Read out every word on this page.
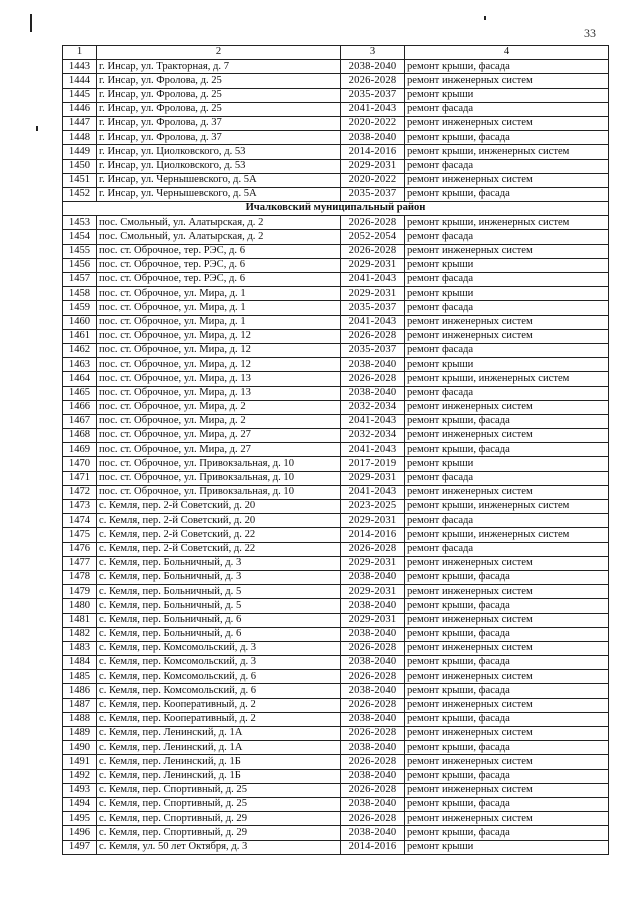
33
1	2	3	4
1443	г. Инсар, ул. Тракторная, д. 7	2038-2040	ремонт крыши, фасада
1444	г. Инсар, ул. Фролова, д. 25	2026-2028	ремонт инженерных систем
1445	г. Инсар, ул. Фролова, д. 25	2035-2037	ремонт крыши
1446	г. Инсар, ул. Фролова, д. 25	2041-2043	ремонт фасада
1447	г. Инсар, ул. Фролова, д. 37	2020-2022	ремонт инженерных систем
1448	г. Инсар, ул. Фролова, д. 37	2038-2040	ремонт крыши, фасада
1449	г. Инсар, ул. Циолковского, д. 53	2014-2016	ремонт крыши, инженерных систем
1450	г. Инсар, ул. Циолковского, д. 53	2029-2031	ремонт фасада
1451	г. Инсар, ул. Чернышевского, д. 5А	2020-2022	ремонт инженерных систем
1452	г. Инсар, ул. Чернышевского, д. 5А	2035-2037	ремонт крыши, фасада
Ичалковский муниципальный район			
1453	пос. Смольный, ул. Алатырская, д. 2	2026-2028	ремонт крыши, инженерных систем
1454	пос. Смольный, ул. Алатырская, д. 2	2052-2054	ремонт фасада
1455	пос. ст. Оброчное, тер. РЭС, д. 6	2026-2028	ремонт инженерных систем
1456	пос. ст. Оброчное, тер. РЭС, д. 6	2029-2031	ремонт крыши
1457	пос. ст. Оброчное, тер. РЭС, д. 6	2041-2043	ремонт фасада
1458	пос. ст. Оброчное, ул. Мира, д. 1	2029-2031	ремонт крыши
1459	пос. ст. Оброчное, ул. Мира, д. 1	2035-2037	ремонт фасада
1460	пос. ст. Оброчное, ул. Мира, д. 1	2041-2043	ремонт инженерных систем
1461	пос. ст. Оброчное, ул. Мира, д. 12	2026-2028	ремонт инженерных систем
1462	пос. ст. Оброчное, ул. Мира, д. 12	2035-2037	ремонт фасада
1463	пос. ст. Оброчное, ул. Мира, д. 12	2038-2040	ремонт крыши
1464	пос. ст. Оброчное, ул. Мира, д. 13	2026-2028	ремонт крыши, инженерных систем
1465	пос. ст. Оброчное, ул. Мира, д. 13	2038-2040	ремонт фасада
1466	пос. ст. Оброчное, ул. Мира, д. 2	2032-2034	ремонт инженерных систем
1467	пос. ст. Оброчное, ул. Мира, д. 2	2041-2043	ремонт крыши, фасада
1468	пос. ст. Оброчное, ул. Мира, д. 27	2032-2034	ремонт инженерных систем
1469	пос. ст. Оброчное, ул. Мира, д. 27	2041-2043	ремонт крыши, фасада
1470	пос. ст. Оброчное, ул. Привокзальная, д. 10	2017-2019	ремонт крыши
1471	пос. ст. Оброчное, ул. Привокзальная, д. 10	2029-2031	ремонт фасада
1472	пос. ст. Оброчное, ул. Привокзальная, д. 10	2041-2043	ремонт инженерных систем
1473	с. Кемля, пер. 2-й Советский, д. 20	2023-2025	ремонт крыши, инженерных систем
1474	с. Кемля, пер. 2-й Советский, д. 20	2029-2031	ремонт фасада
1475	с. Кемля, пер. 2-й Советский, д. 22	2014-2016	ремонт крыши, инженерных систем
1476	с. Кемля, пер. 2-й Советский, д. 22	2026-2028	ремонт фасада
1477	с. Кемля, пер. Больничный, д. 3	2029-2031	ремонт инженерных систем
1478	с. Кемля, пер. Больничный, д. 3	2038-2040	ремонт крыши, фасада
1479	с. Кемля, пер. Больничный, д. 5	2029-2031	ремонт инженерных систем
1480	с. Кемля, пер. Больничный, д. 5	2038-2040	ремонт крыши, фасада
1481	с. Кемля, пер. Больничный, д. 6	2029-2031	ремонт инженерных систем
1482	с. Кемля, пер. Больничный, д. 6	2038-2040	ремонт крыши, фасада
1483	с. Кемля, пер. Комсомольский, д. 3	2026-2028	ремонт инженерных систем
1484	с. Кемля, пер. Комсомольский, д. 3	2038-2040	ремонт крыши, фасада
1485	с. Кемля, пер. Комсомольский, д. 6	2026-2028	ремонт инженерных систем
1486	с. Кемля, пер. Комсомольский, д. 6	2038-2040	ремонт крыши, фасада
1487	с. Кемля, пер. Кооперативный, д. 2	2026-2028	ремонт инженерных систем
1488	с. Кемля, пер. Кооперативный, д. 2	2038-2040	ремонт крыши, фасада
1489	с. Кемля, пер. Ленинский, д. 1А	2026-2028	ремонт инженерных систем
1490	с. Кемля, пер. Ленинский, д. 1А	2038-2040	ремонт крыши, фасада
1491	с. Кемля, пер. Ленинский, д. 1Б	2026-2028	ремонт инженерных систем
1492	с. Кемля, пер. Ленинский, д. 1Б	2038-2040	ремонт крыши, фасада
1493	с. Кемля, пер. Спортивный, д. 25	2026-2028	ремонт инженерных систем
1494	с. Кемля, пер. Спортивный, д. 25	2038-2040	ремонт крыши, фасада
1495	с. Кемля, пер. Спортивный, д. 29	2026-2028	ремонт инженерных систем
1496	с. Кемля, пер. Спортивный, д. 29	2038-2040	ремонт крыши, фасада
1497	с. Кемля, ул. 50 лет Октября, д. 3	2014-2016	ремонт крыши
